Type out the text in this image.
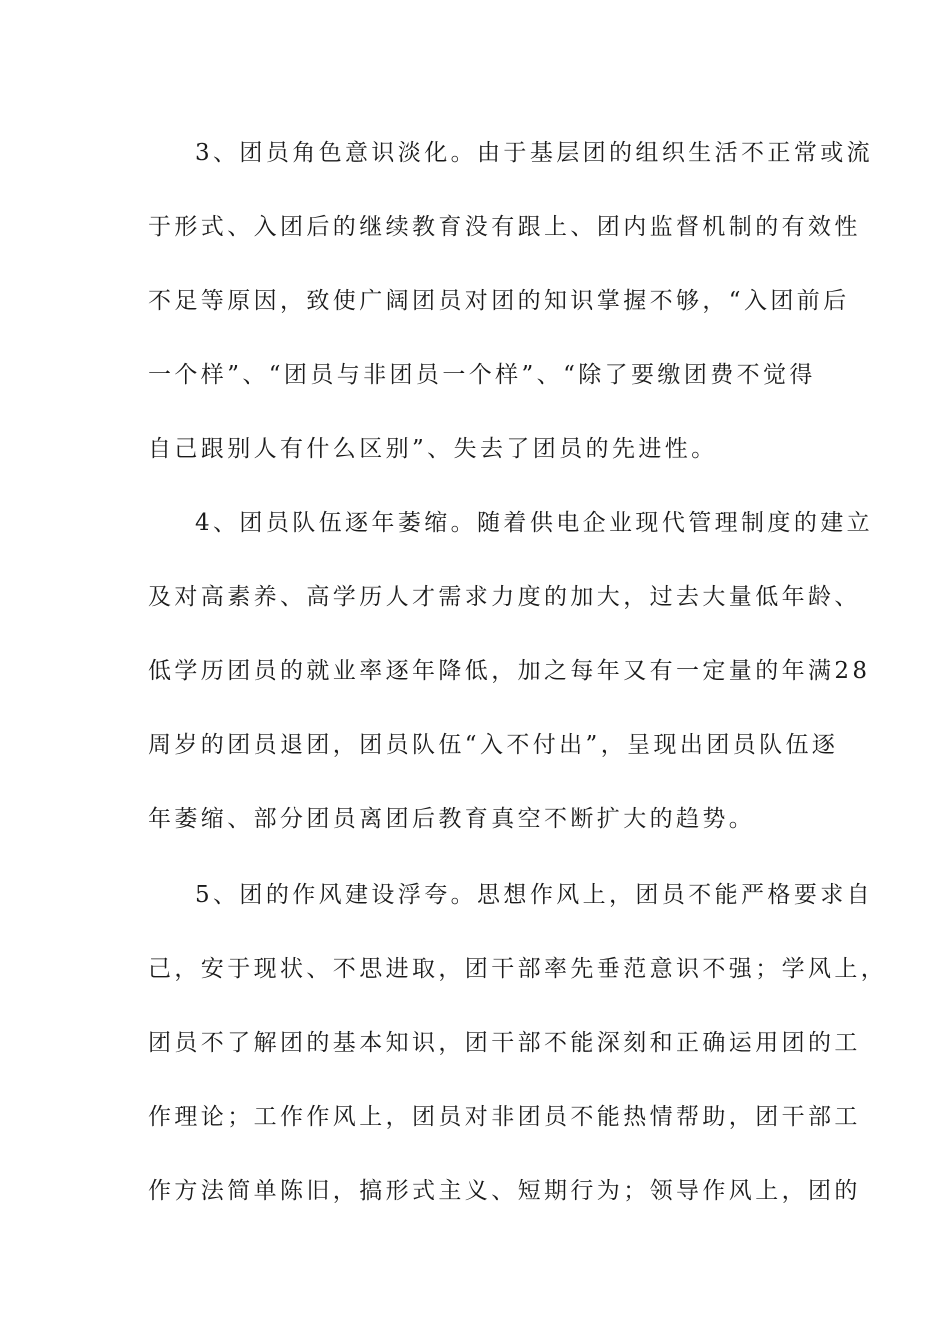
3、团员角色意识淡化。由于基层团的组织生活不正常或流
于形式、入团后的继续教育没有跟上、团内监督机制的有效性
不足等原因，致使广阔团员对团的知识掌握不够，“入团前后
一个样”、“团员与非团员一个样”、“除了要缴团费不觉得
自己跟别人有什么区别”、失去了团员的先进性。
4、团员队伍逐年萎缩。随着供电企业现代管理制度的建立
及对高素养、高学历人才需求力度的加大，过去大量低年龄、
低学历团员的就业率逐年降低，加之每年又有一定量的年满28
周岁的团员退团，团员队伍“入不付出”，呈现出团员队伍逐
年萎缩、部分团员离团后教育真空不断扩大的趋势。
5、团的作风建设浮夸。思想作风上，团员不能严格要求自
己，安于现状、不思进取，团干部率先垂范意识不强；学风上，
团员不了解团的基本知识，团干部不能深刻和正确运用团的工
作理论；工作作风上，团员对非团员不能热情帮助，团干部工
作方法简单陈旧，搞形式主义、短期行为；领导作风上，团的
